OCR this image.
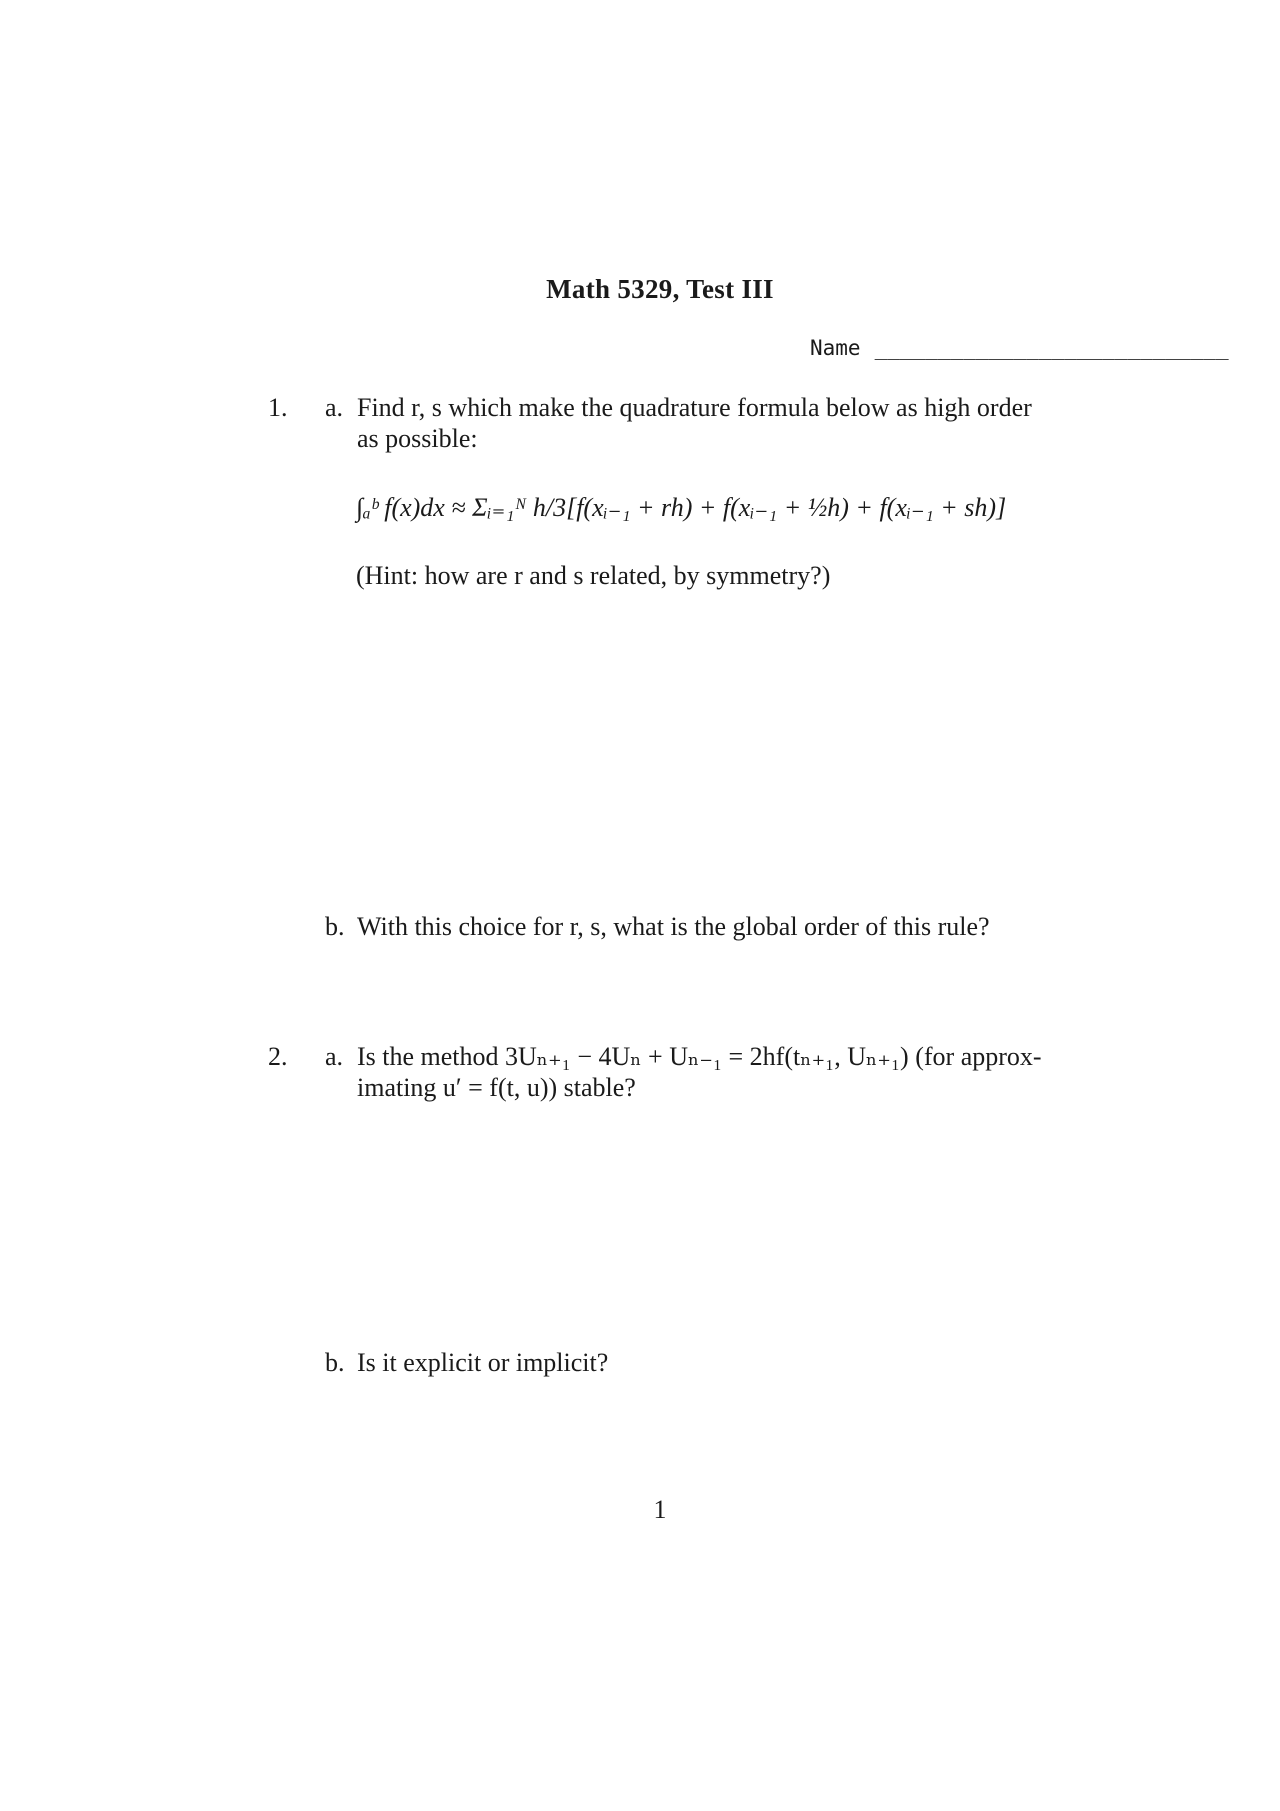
Math 5329, Test III
Name ____________________________
1. a. Find r, s which make the quadrature formula below as high order
as possible:
∫ₐᵇ f(x)dx ≈ Σᵢ₌₁ᴺ h/3[f(xᵢ₋₁ + rh) + f(xᵢ₋₁ + ½h) + f(xᵢ₋₁ + sh)]
(Hint: how are r and s related, by symmetry?)
b. With this choice for r, s, what is the global order of this rule?
2. a. Is the method 3Uₙ₊₁ − 4Uₙ + Uₙ₋₁ = 2hf(tₙ₊₁, Uₙ₊₁) (for approx-
imating u′ = f(t, u)) stable?
b. Is it explicit or implicit?
1
